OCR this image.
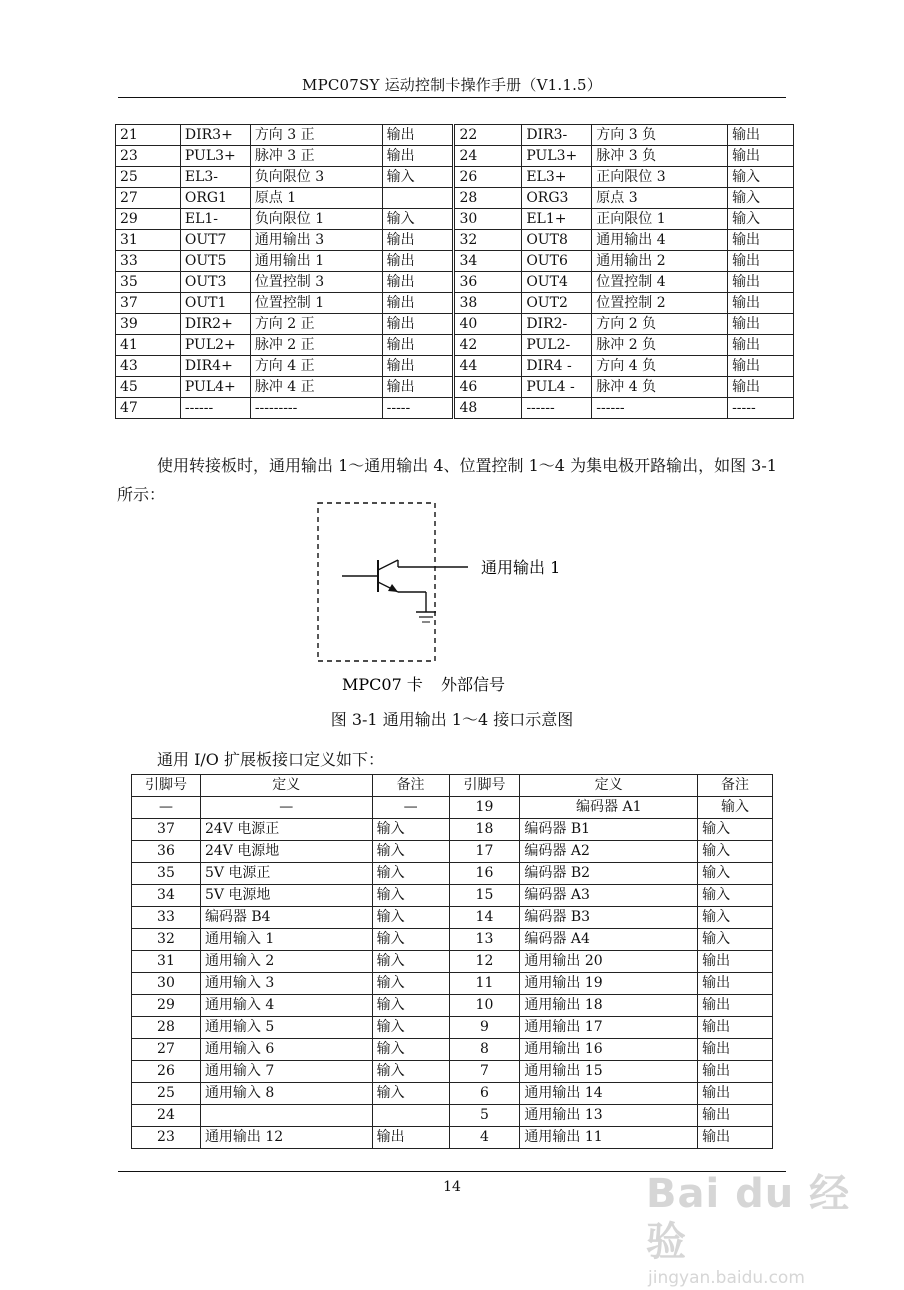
MPC07SY 运动控制卡操作手册（V1.1.5）
21	DIR3+	方向 3 正	输出	22	DIR3-	方向 3 负	输出
23	PUL3+	脉冲 3 正	输出	24	PUL3+	脉冲 3 负	输出
25	EL3-	负向限位 3	输入	26	EL3+	正向限位 3	输入
27	ORG1	原点 1		28	ORG3	原点 3	输入
29	EL1-	负向限位 1	输入	30	EL1+	正向限位 1	输入
31	OUT7	通用输出 3	输出	32	OUT8	通用输出 4	输出
33	OUT5	通用输出 1	输出	34	OUT6	通用输出 2	输出
35	OUT3	位置控制 3	输出	36	OUT4	位置控制 4	输出
37	OUT1	位置控制 1	输出	38	OUT2	位置控制 2	输出
39	DIR2+	方向 2 正	输出	40	DIR2-	方向 2 负	输出
41	PUL2+	脉冲 2 正	输出	42	PUL2-	脉冲 2 负	输出
43	DIR4+	方向 4 正	输出	44	DIR4 -	方向 4 负	输出
45	PUL4+	脉冲 4 正	输出	46	PUL4 -	脉冲 4 负	输出
47	------	---------	-----	48	------	------	-----
使用转接板时，通用输出 1～通用输出 4、位置控制 1～4 为集电极开路输出，如图 3-1 所示：
通用输出 1
MPC07 卡 外部信号
图 3-1 通用输出 1～4 接口示意图
通用 I/O 扩展板接口定义如下：
引脚号	定义	备注	引脚号	定义	备注
—	—	—	19	编码器 A1	输入
37	24V 电源正	输入	18	编码器 B1	输入
36	24V 电源地	输入	17	编码器 A2	输入
35	5V 电源正	输入	16	编码器 B2	输入
34	5V 电源地	输入	15	编码器 A3	输入
33	编码器 B4	输入	14	编码器 B3	输入
32	通用输入 1	输入	13	编码器 A4	输入
31	通用输入 2	输入	12	通用输出 20	输出
30	通用输入 3	输入	11	通用输出 19	输出
29	通用输入 4	输入	10	通用输出 18	输出
28	通用输入 5	输入	9	通用输出 17	输出
27	通用输入 6	输入	8	通用输出 16	输出
26	通用输入 7	输入	7	通用输出 15	输出
25	通用输入 8	输入	6	通用输出 14	输出
24			5	通用输出 13	输出
23	通用输出 12	输出	4	通用输出 11	输出
14	Bai du 经验
jingyan.baidu.com
